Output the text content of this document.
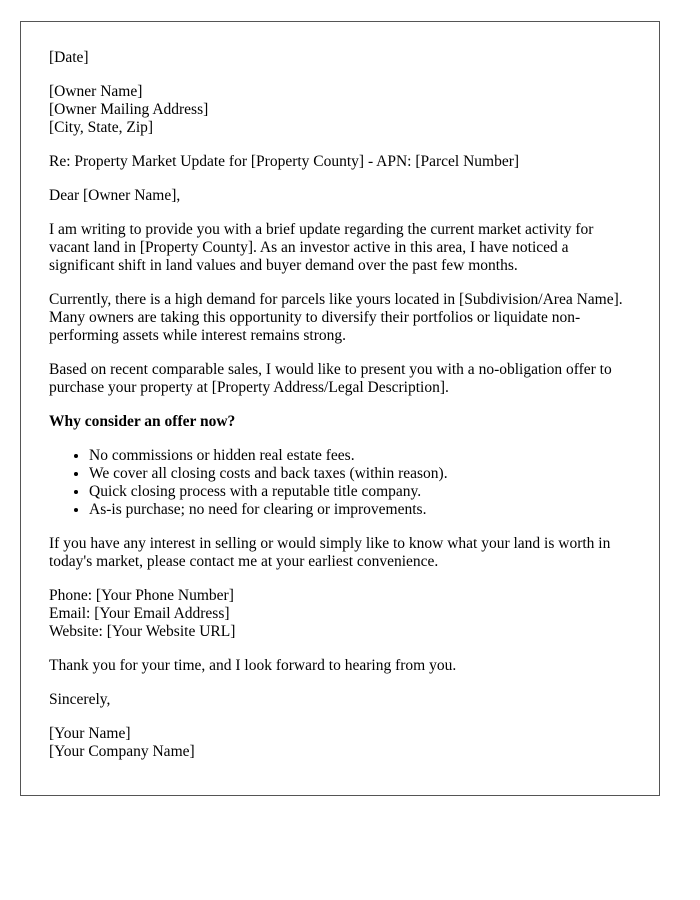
[Date]

[Owner Name]
[Owner Mailing Address]
[City, State, Zip]

Re: Property Market Update for [Property County] - APN: [Parcel Number]

Dear [Owner Name],

I am writing to provide you with a brief update regarding the current market activity for vacant land in [Property County]. As an investor active in this area, I have noticed a significant shift in land values and buyer demand over the past few months.

Currently, there is a high demand for parcels like yours located in [Subdivision/Area Name]. Many owners are taking this opportunity to diversify their portfolios or liquidate non-performing assets while interest remains strong.

Based on recent comparable sales, I would like to present you with a no-obligation offer to purchase your property at [Property Address/Legal Description].

Why consider an offer now?

• No commissions or hidden real estate fees.
• We cover all closing costs and back taxes (within reason).
• Quick closing process with a reputable title company.
• As-is purchase; no need for clearing or improvements.

If you have any interest in selling or would simply like to know what your land is worth in today's market, please contact me at your earliest convenience.

Phone: [Your Phone Number]
Email: [Your Email Address]
Website: [Your Website URL]

Thank you for your time, and I look forward to hearing from you.

Sincerely,

[Your Name]
[Your Company Name]
